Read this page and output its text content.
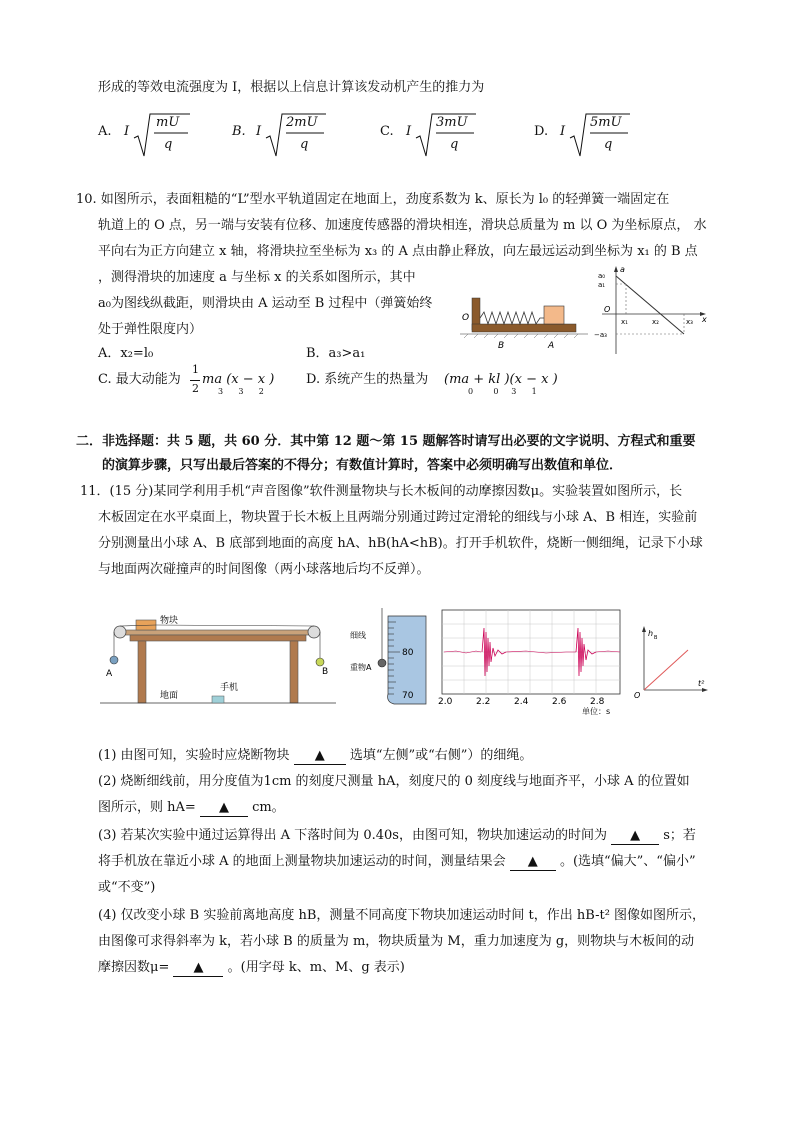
形成的等效电流强度为 I，根据以上信息计算该发动机产生的推力为
A. I
mU
q
B. I
2mU
q
C. I
3mU
q
D. I
5mU
q
10. 如图所示，表面粗糙的“L”型水平轨道固定在地面上，劲度系数为 k、原长为 l₀ 的轻弹簧一端固定在
轨道上的 O 点，另一端与安装有位移、加速度传感器的滑块相连，滑块总质量为 m 以 O 为坐标原点， 水
平向右为正方向建立 x 轴，将滑块拉至坐标为 x₃ 的 A 点由静止释放，向左最远运动到坐标为 x₁ 的 B 点
，测得滑块的加速度 a 与坐标 x 的关系如图所示，其中
a₀为图线纵截距，则滑块由 A 运动至 B 过程中（弹簧始终
处于弹性限度内）
O
B	A
a
a₀
a₁
O
−a₃
x₁	x₂	x₃ x
A．x₂=l₀	B．a₃>a₁
C. 最大动能为
1
2
ma (x − x )
3      3      2
D. 系统产生的热量为 (ma + kl )(x − x )
0        0     3      1
二．非选择题：共 5 题，共 60 分．其中第 12 题～第 15 题解答时请写出必要的文字说明、方程式和重要
的演算步骤，只写出最后答案的不得分；有数值计算时，答案中必须明确写出数值和单位．
11．(15 分)某同学利用手机“声音图像”软件测量物块与长木板间的动摩擦因数μ。实验装置如图所示，长
木板固定在水平桌面上，物块置于长木板上且两端分别通过跨过定滑轮的细线与小球 A、B 相连，实验前
分别测量出小球 A、B 底部到地面的高度 hA、hB(hA<hB)。打开手机软件，烧断一侧细绳，记录下小球
与地面两次碰撞声的时间图像（两小球落地后均不反弹）。
物块
A	B
地面
手机
细线
重物A
80
70
2.0	2.2	2.4	2.6	2.8
单位：s
h B
O
t²
(1) 由图可知，实验时应烧断物块 ▲ 选填“左侧”或“右侧”）的细绳。
(2) 烧断细线前，用分度值为1cm 的刻度尺测量 hA，刻度尺的 0 刻度线与地面齐平，小球 A 的位置如
图所示，则 hA= ▲ cm。
(3) 若某次实验中通过运算得出 A 下落时间为 0.40s，由图可知，物块加速运动的时间为 ▲ s；若
将手机放在靠近小球 A 的地面上测量物块加速运动的时间，测量结果会 ▲ 。(选填“偏大”、“偏小”
或“不变”)
(4) 仅改变小球 B 实验前离地高度 hB，测量不同高度下物块加速运动时间 t，作出 hB-t² 图像如图所示，
由图像可求得斜率为 k，若小球 B 的质量为 m，物块质量为 M，重力加速度为 g，则物块与木板间的动
摩擦因数μ= ▲ 。(用字母 k、m、M、g 表示)
